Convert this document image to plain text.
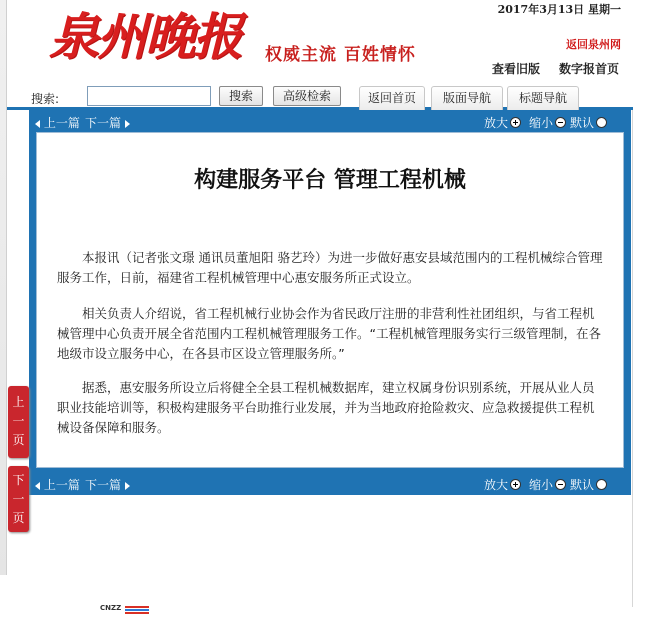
泉州晚报 权威主流 百姓情怀
2017年3月13日 星期一
返回泉州网
查看旧版 数字报首页
搜索:	搜索	高级检索	返回首页	版面导航	标题导航
上一篇 下一篇	放大	缩小	默认
构建服务平台 管理工程机械

本报讯（记者张文璟 通讯员董旭阳 骆艺玲）为进一步做好惠安县域范围内的工程机械综合管理服务工作，日前，福建省工程机械管理中心惠安服务所正式设立。

相关负责人介绍说，省工程机械行业协会作为省民政厅注册的非营利性社团组织，与省工程机械管理中心负责开展全省范围内工程机械管理服务工作。“工程机械管理服务实行三级管理制，在各地级市设立服务中心，在各县市区设立管理服务所。”

据悉，惠安服务所设立后将健全全县工程机械数据库，建立权属身份识别系统，开展从业人员职业技能培训等，积极构建服务平台助推行业发展，并为当地政府抢险救灾、应急救援提供工程机械设备保障和服务。

上一篇 下一篇	放大	缩小	默认
上
一
页
下
一
页
CNZZ
